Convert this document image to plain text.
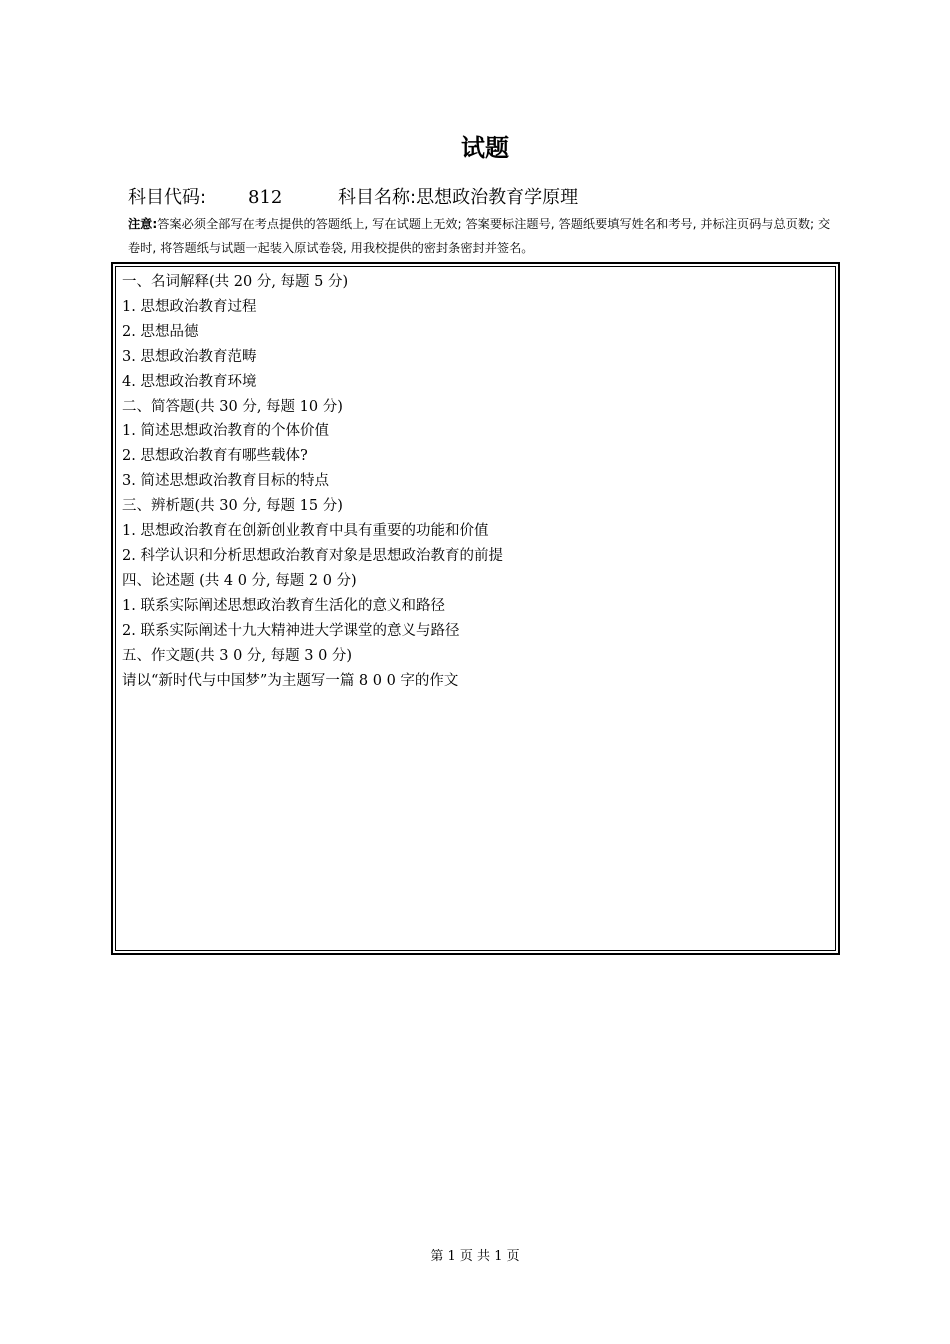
试题
科目代码: 812	科目名称:思想政治教育学原理
注意:答案必须全部写在考点提供的答题纸上, 写在试题上无效; 答案要标注题号, 答题纸要填写姓名和考号, 并标注页码与总页数; 交卷时, 将答题纸与试题一起装入原试卷袋, 用我校提供的密封条密封并签名。
一、名词解释(共 20 分, 每题 5 分)
1. 思想政治教育过程
2. 思想品德
3. 思想政治教育范畴
4. 思想政治教育环境
二、简答题(共 30 分, 每题 10 分)
1. 简述思想政治教育的个体价值
2. 思想政治教育有哪些载体?
3. 简述思想政治教育目标的特点
三、辨析题(共 30 分, 每题 15 分)
1. 思想政治教育在创新创业教育中具有重要的功能和价值
2. 科学认识和分析思想政治教育对象是思想政治教育的前提
四、论述题 (共 4 0 分, 每题 2 0 分)
1. 联系实际阐述思想政治教育生活化的意义和路径
2. 联系实际阐述十九大精神进大学课堂的意义与路径
五、作文题(共 3 0 分, 每题 3 0 分)
请以“新时代与中国梦”为主题写一篇 8 0 0 字的作文
第 1 页 共 1 页
